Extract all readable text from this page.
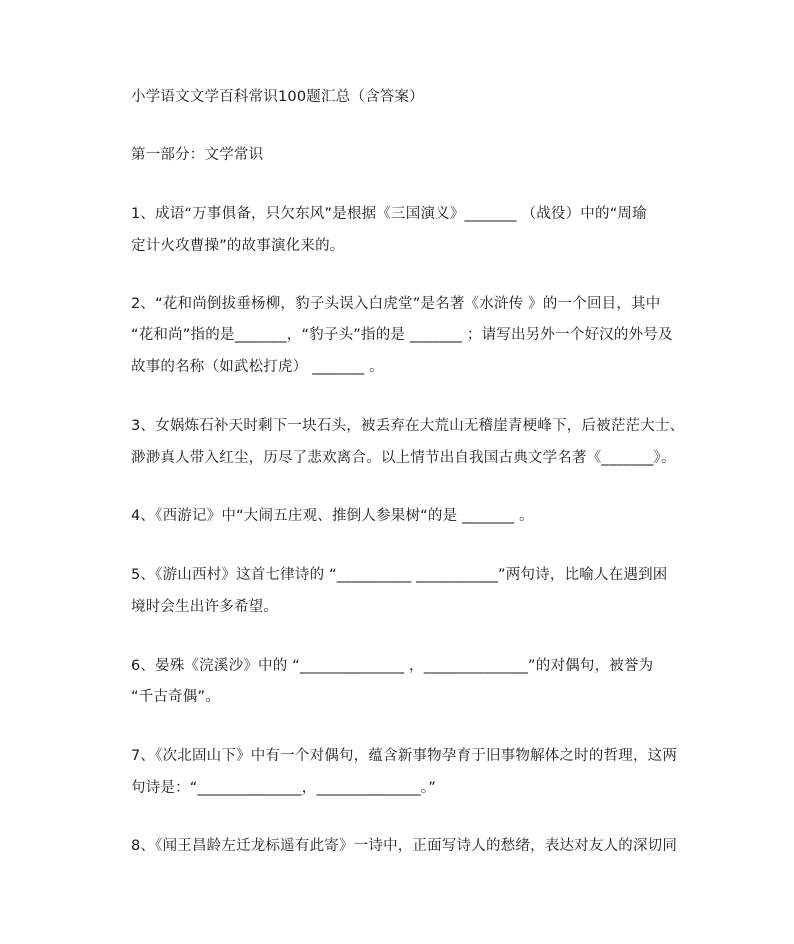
小学语文文学百科常识100题汇总（含答案）
第一部分：文学常识
1、成语“万事俱备，只欠东风”是根据《三国演义》_______ （战役）中的“周瑜
定计火攻曹操”的故事演化来的。
2、“花和尚倒拔垂杨柳，豹子头误入白虎堂”是名著《水浒传 》的一个回目，其中
“花和尚”指的是_______，“豹子头”指的是 _______ ；请写出另外一个好汉的外号及
故事的名称（如武松打虎） _______ 。
3、女娲炼石补天时剩下一块石头，被丢弃在大荒山无稽崖青梗峰下，后被茫茫大士、
渺渺真人带入红尘，历尽了悲欢离合。以上情节出自我国古典文学名著《_______》。
4、《西游记》中“大闹五庄观、推倒人参果树“的是 _______ 。
5、《游山西村》这首七律诗的 “__________ ___________”两句诗，比喻人在遇到困
境时会生出许多希望。
6、晏殊《浣溪沙》中的 “______________ ，______________”的对偶句，被誉为
“千古奇偶”。
7、《次北固山下》中有一个对偶句，蕴含新事物孕育于旧事物解体之时的哲理，这两
句诗是：“______________，______________。”
8、《闻王昌龄左迁龙标遥有此寄》一诗中，正面写诗人的愁绪，表达对友人的深切同
